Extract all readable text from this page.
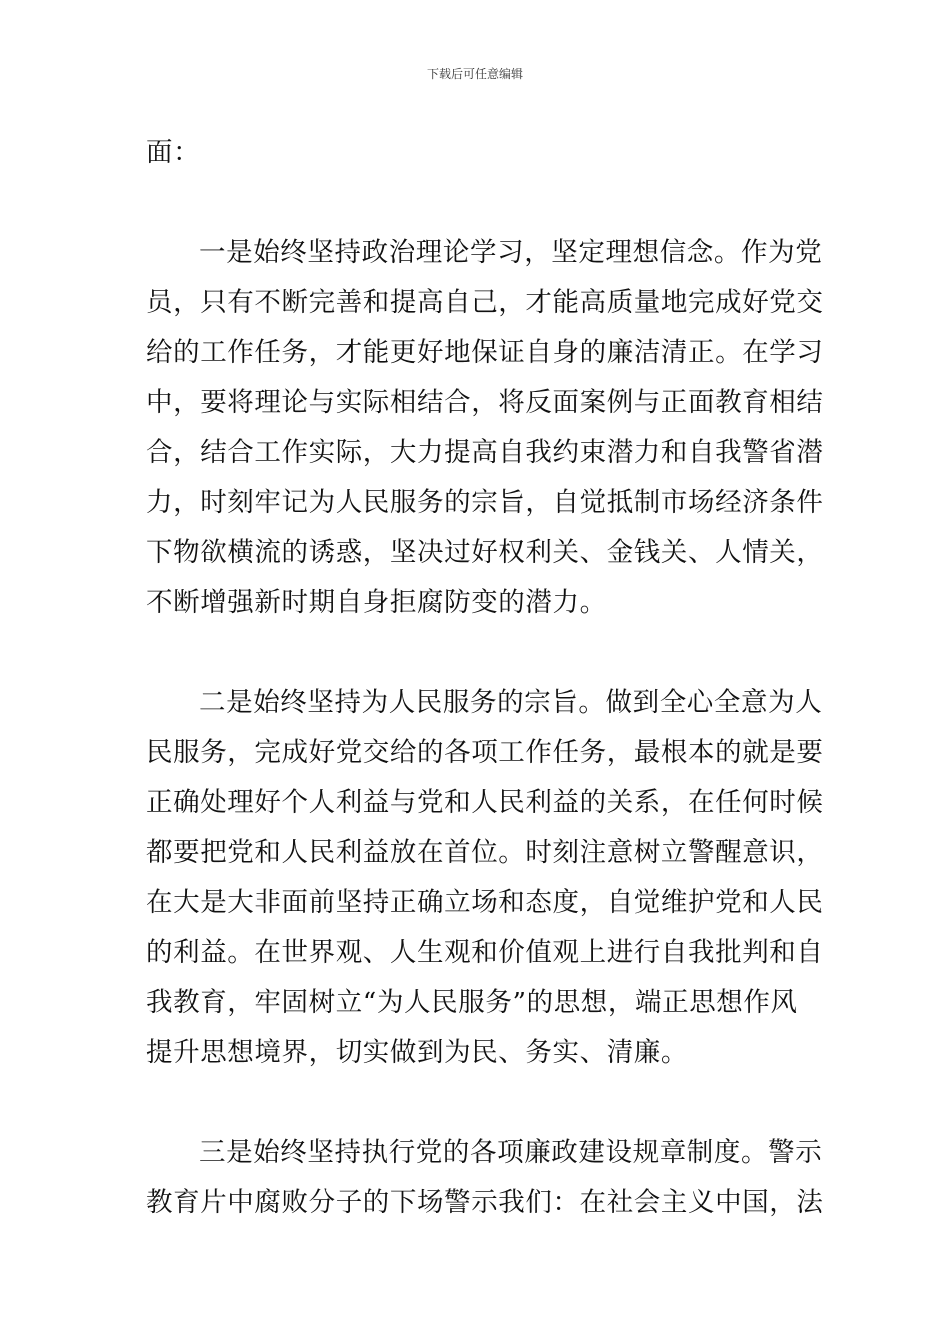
下载后可任意编辑
面：
一是始终坚持政治理论学习，坚定理想信念。作为党
员，只有不断完善和提高自己，才能高质量地完成好党交
给的工作任务，才能更好地保证自身的廉洁清正。在学习
中，要将理论与实际相结合，将反面案例与正面教育相结
合，结合工作实际，大力提高自我约束潜力和自我警省潜
力，时刻牢记为人民服务的宗旨，自觉抵制市场经济条件
下物欲横流的诱惑，坚决过好权利关、金钱关、人情关，
不断增强新时期自身拒腐防变的潜力。
二是始终坚持为人民服务的宗旨。做到全心全意为人
民服务，完成好党交给的各项工作任务，最根本的就是要
正确处理好个人利益与党和人民利益的关系，在任何时候
都要把党和人民利益放在首位。时刻注意树立警醒意识，
在大是大非面前坚持正确立场和态度，自觉维护党和人民
的利益。在世界观、人生观和价值观上进行自我批判和自
我教育，牢固树立“为人民服务”的思想，端正思想作风
提升思想境界，切实做到为民、务实、清廉。
三是始终坚持执行党的各项廉政建设规章制度。警示
教育片中腐败分子的下场警示我们：在社会主义中国，法
